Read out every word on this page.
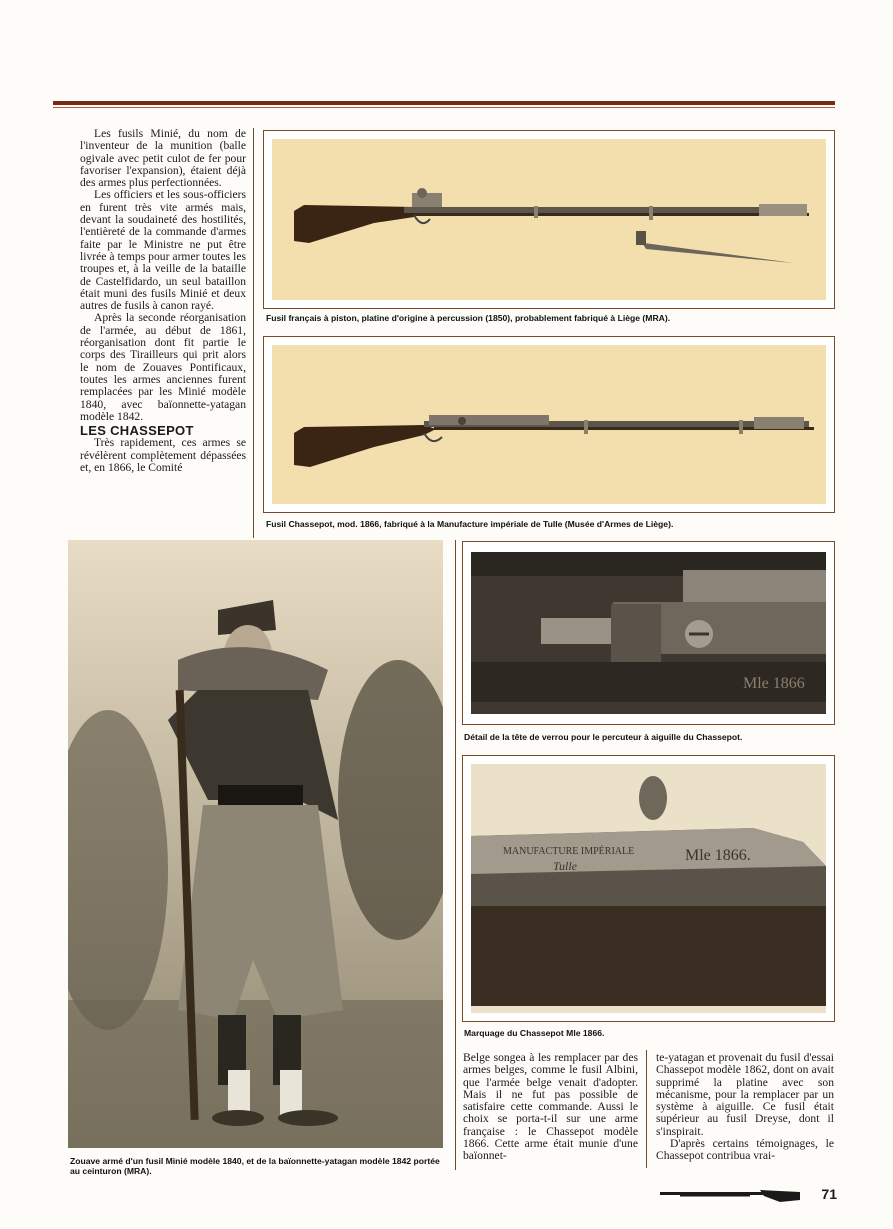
Les fusils Minié, du nom de l'inventeur de la munition (balle ogivale avec petit culot de fer pour favoriser l'expansion), étaient déjà des armes plus perfectionnées.

Les officiers et les sous-officiers en furent très vite armés mais, devant la soudaineté des hostilités, l'entièreté de la commande d'armes faite par le Ministre ne put être livrée à temps pour armer toutes les troupes et, à la veille de la bataille de Castelfidardo, un seul bataillon était muni des fusils Minié et deux autres de fusils à canon rayé.

Après la seconde réorganisation de l'armée, au début de 1861, réorganisation dont fit partie le corps des Tirailleurs qui prit alors le nom de Zouaves Pontificaux, toutes les armes anciennes furent remplacées par les Minié modèle 1840, avec baïonnette-yatagan modèle 1842.

LES CHASSEPOT

Très rapidement, ces armes se révélèrent complètement dépassées et, en 1866, le Comité

Fusil français à piston, platine d'origine à percussion (1850), probablement fabriqué à Liège (MRA).
Fusil Chassepot, mod. 1866, fabriqué à la Manufacture impériale de Tulle (Musée d'Armes de Liège).
Zouave armé d'un fusil Minié modèle 1840, et de la baïonnette-yatagan modèle 1842 portée au ceinturon (MRA).
Mle 1866
Détail de la tête de verrou pour le percuteur à aiguille du Chassepot.
MANUFACTURE IMPÉRIALE
Tulle
Mle 1866.
Marquage du Chassepot Mle 1866.

Belge songea à les remplacer par des armes belges, comme le fusil Albini, que l'armée belge venait d'adopter. Mais il ne fut pas possible de satisfaire cette commande. Aussi le choix se porta-t-il sur une arme française : le Chassepot modèle 1866. Cette arme était munie d'une baïonnet-

te-yatagan et provenait du fusil d'essai Chassepot modèle 1862, dont on avait supprimé la platine avec son mécanisme, pour la remplacer par un système à aiguille. Ce fusil était supérieur au fusil Dreyse, dont il s'inspirait.

D'après certains témoignages, le Chassepot contribua vrai-

71
